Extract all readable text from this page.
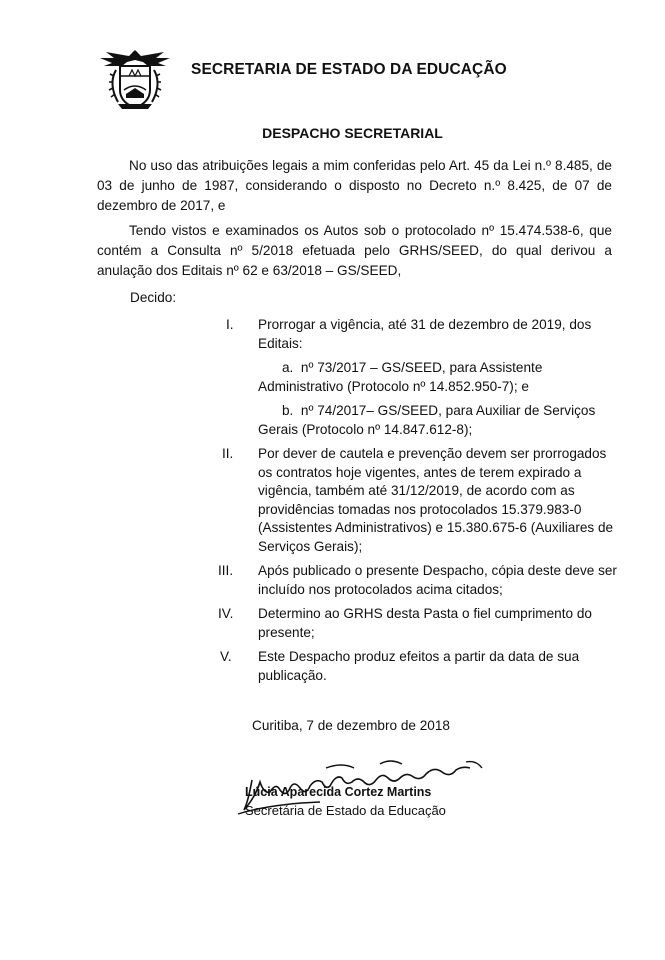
SECRETARIA DE ESTADO DA EDUCAÇÃO
DESPACHO SECRETARIAL
No uso das atribuições legais a mim conferidas pelo Art. 45 da Lei n.º 8.485, de 03 de junho de 1987, considerando o disposto no Decreto n.º 8.425, de 07 de dezembro de 2017, e
Tendo vistos e examinados os Autos sob o protocolado nº 15.474.538-6, que contém a Consulta nº 5/2018 efetuada pelo GRHS/SEED, do qual derivou a anulação dos Editais nº 62 e 63/2018 – GS/SEED,
Decido:
I.	Prorrogar a vigência, até 31 de dezembro de 2019, dos Editais:
a. nº 73/2017 – GS/SEED, para Assistente Administrativo (Protocolo nº 14.852.950-7); e
b. nº 74/2017– GS/SEED, para Auxiliar de Serviços Gerais (Protocolo nº 14.847.612-8);
II.	Por dever de cautela e prevenção devem ser prorrogados os contratos hoje vigentes, antes de terem expirado a vigência, também até 31/12/2019, de acordo com as providências tomadas nos protocolados 15.379.983-0 (Assistentes Administrativos) e 15.380.675-6 (Auxiliares de Serviços Gerais);
III.	Após publicado o presente Despacho, cópia deste deve ser incluído nos protocolados acima citados;
IV.	Determino ao GRHS desta Pasta o fiel cumprimento do presente;
V.	Este Despacho produz efeitos a partir da data de sua publicação.
Curitiba, 7 de dezembro de 2018
Lúcia Aparecida Cortez Martins
Secretária de Estado da Educação
